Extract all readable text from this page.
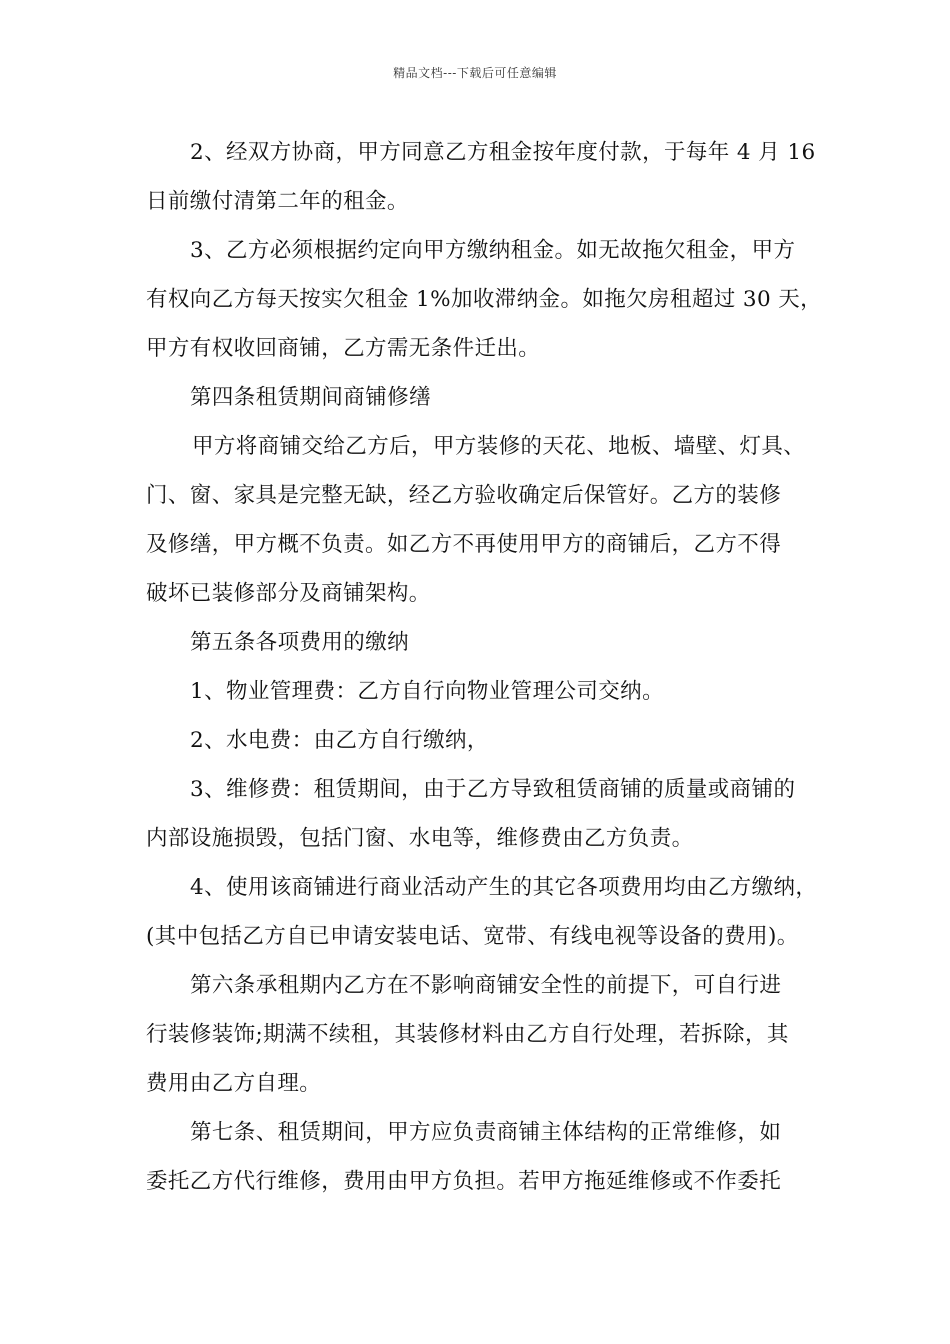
精品文档---下载后可任意编辑
2、经双方协商，甲方同意乙方租金按年度付款，于每年 4 月 16
日前缴付清第二年的租金。
3、乙方必须根据约定向甲方缴纳租金。如无故拖欠租金，甲方
有权向乙方每天按实欠租金 1%加收滞纳金。如拖欠房租超过 30 天，
甲方有权收回商铺，乙方需无条件迁出。
第四条租赁期间商铺修缮
甲方将商铺交给乙方后，甲方装修的天花、地板、墙壁、灯具、
门、窗、家具是完整无缺，经乙方验收确定后保管好。乙方的装修
及修缮，甲方概不负责。如乙方不再使用甲方的商铺后，乙方不得
破坏已装修部分及商铺架构。
第五条各项费用的缴纳
1、物业管理费：乙方自行向物业管理公司交纳。
2、水电费：由乙方自行缴纳，
3、维修费：租赁期间，由于乙方导致租赁商铺的质量或商铺的
内部设施损毁，包括门窗、水电等，维修费由乙方负责。
4、使用该商铺进行商业活动产生的其它各项费用均由乙方缴纳，
(其中包括乙方自已申请安装电话、宽带、有线电视等设备的费用)。
第六条承租期内乙方在不影响商铺安全性的前提下，可自行进
行装修装饰;期满不续租，其装修材料由乙方自行处理，若拆除，其
费用由乙方自理。
第七条、租赁期间，甲方应负责商铺主体结构的正常维修，如
委托乙方代行维修，费用由甲方负担。若甲方拖延维修或不作委托
